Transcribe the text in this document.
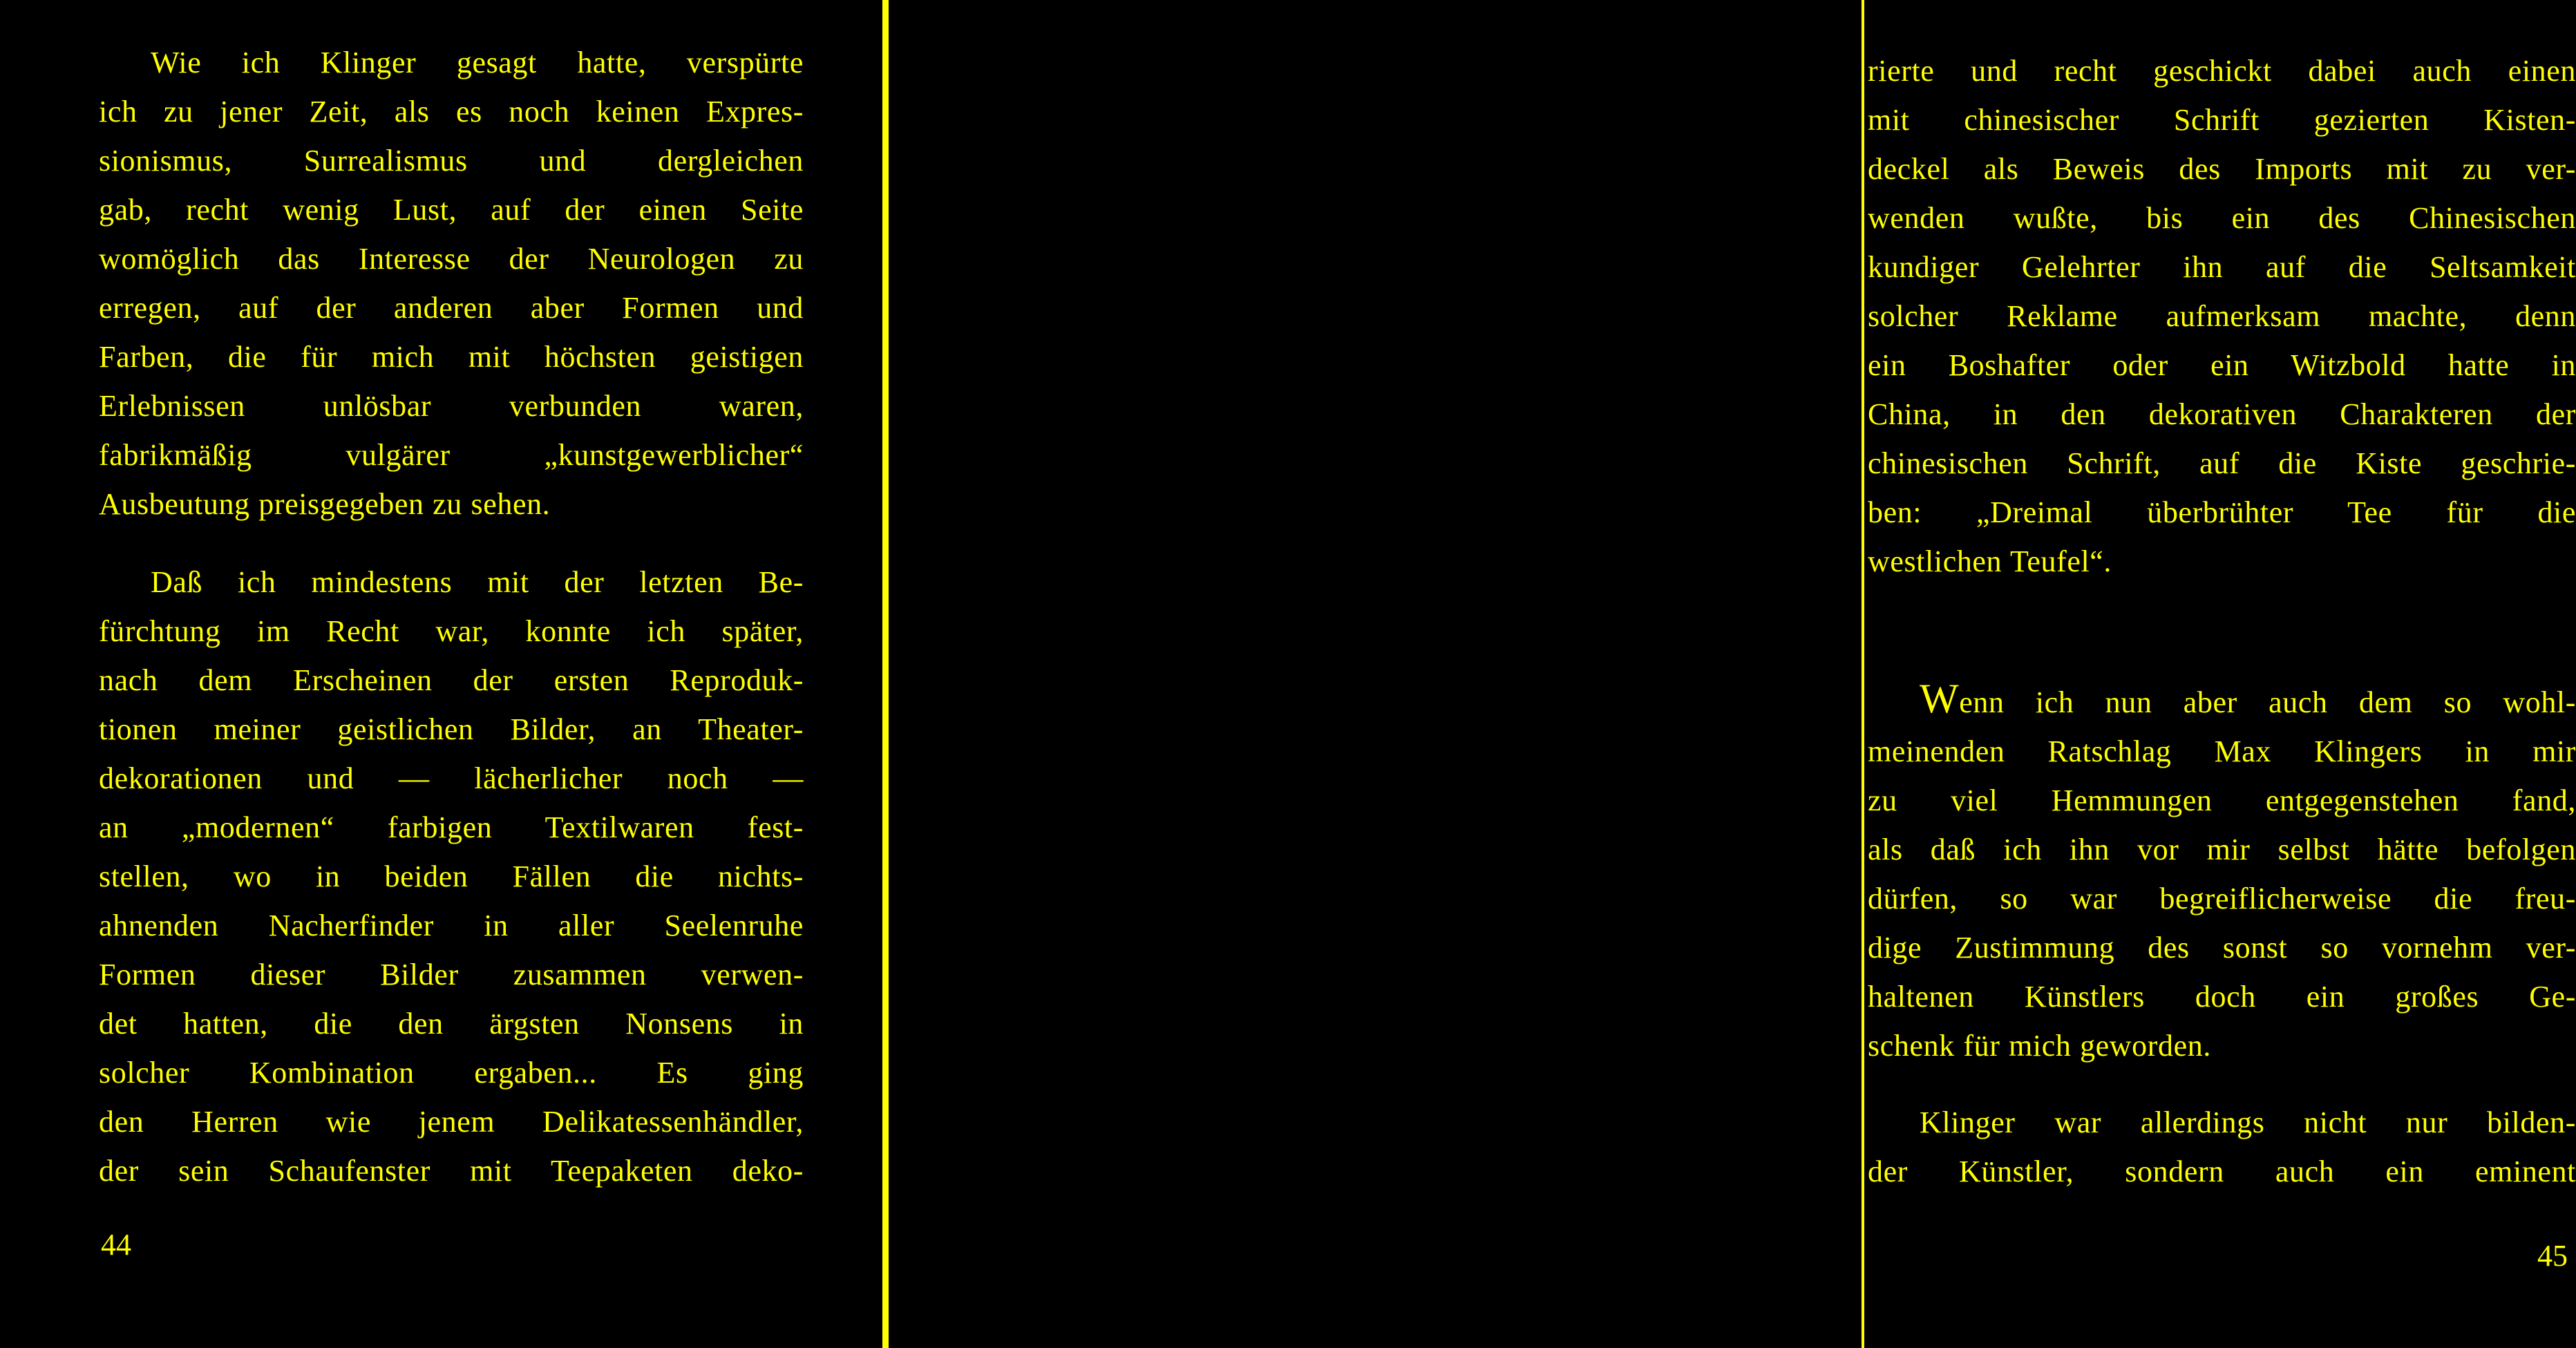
Wie ich Klinger gesagt hatte, verspürte
ich zu jener Zeit, als es noch keinen Expres-
sionismus, Surrealismus und dergleichen
gab, recht wenig Lust, auf der einen Seite
womöglich das Interesse der Neurologen zu
erregen, auf der anderen aber Formen und
Farben, die für mich mit höchsten geistigen
Erlebnissen unlösbar verbunden waren,
fabrikmäßig vulgärer „kunstgewerblicher“
Ausbeutung preisgegeben zu sehen.

Daß ich mindestens mit der letzten Be-
fürchtung im Recht war, konnte ich später,
nach dem Erscheinen der ersten Reproduk-
tionen meiner geistlichen Bilder, an Theater-
dekorationen und — lächerlicher noch —
an „modernen“ farbigen Textilwaren fest-
stellen, wo in beiden Fällen die nichts-
ahnenden Nacherfinder in aller Seelenruhe
Formen dieser Bilder zusammen verwen-
det hatten, die den ärgsten Nonsens in
solcher Kombination ergaben... Es ging
den Herren wie jenem Delikatessenhändler,
der sein Schaufenster mit Teepaketen deko-

44

rierte und recht geschickt dabei auch einen
mit chinesischer Schrift gezierten Kisten-
deckel als Beweis des Imports mit zu ver-
wenden wußte, bis ein des Chinesischen
kundiger Gelehrter ihn auf die Seltsamkeit
solcher Reklame aufmerksam machte, denn
ein Boshafter oder ein Witzbold hatte in
China, in den dekorativen Charakteren der
chinesischen Schrift, auf die Kiste geschrie-
ben: „Dreimal überbrühter Tee für die
westlichen Teufel“.

Wenn ich nun aber auch dem so wohl-
meinenden Ratschlag Max Klingers in mir
zu viel Hemmungen entgegenstehen fand,
als daß ich ihn vor mir selbst hätte befolgen
dürfen, so war begreiflicherweise die freu-
dige Zustimmung des sonst so vornehm ver-
haltenen Künstlers doch ein großes Ge-
schenk für mich geworden.

Klinger war allerdings nicht nur bilden-
der Künstler, sondern auch ein eminent

45
